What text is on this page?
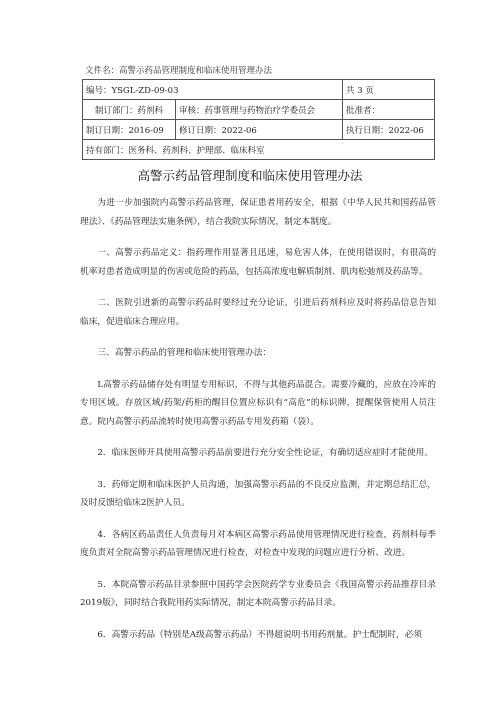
文件名：高警示药品管理制度和临床使用管理办法
编号：YSGL-ZD-09-03		共 3 页
制订部门：药剂科	审核：药事管理与药物治疗学委员会	批准者：
制订日期：2016-09	修订日期：2022-06	执行日期：2022-06
持有部门：医务科、药剂科、护理部、临床科室		
高警示药品管理制度和临床使用管理办法

为进一步加强院内高警示药品管理，保证患者用药安全，根据《中华人民共和国药品管理法》、《药品管理法实施条例》，结合我院实际情况，制定本制度。

一、高警示药品定义：指药理作用显著且迅速，易危害人体，在使用错误时，有很高的机率对患者造成明显的伤害或危险的药品，包括高浓度电解质制剂、肌肉松弛剂及药品等。

二、医院引进新的高警示药品时要经过充分论证，引进后药剂科应及时将药品信息告知临床，促进临床合理应用。

三、高警示药品的管理和临床使用管理办法：

L高警示药品储存处有明显专用标识，不得与其他药品混合。需要冷藏的，应放在冷库的专用区域。存放区域/药架/药柜的醒目位置应标识有“高危”的标识牌，提醒保管使用人员注意。院内高警示药品流转时使用高警示药品专用发药箱（袋）。

2．临床医师开具使用高警示药品前要进行充分安全性论证，有确切适应症时才能使用。

3．药师定期和临床医护人员沟通，加强高警示药品的不良反应监测，并定期总结汇总，及时反馈给临床2医护人员。

4．各病区药品责任人负责每月对本病区高警示药品使用管理情况进行检查，药剂科每季度负责对全院高警示药品管理情况进行检查，对检查中发现的问题应进行分析、改进。

5．本院高警示药品目录参照中国药学会医院药学专业委员会《我国高警示药品推荐目录2019版》，同时结合我院用药实际情况，制定本院高警示药品目录。

6．高警示药品（特别是A级高警示药品）不得超说明书用药剂量。护士配制时，必须
